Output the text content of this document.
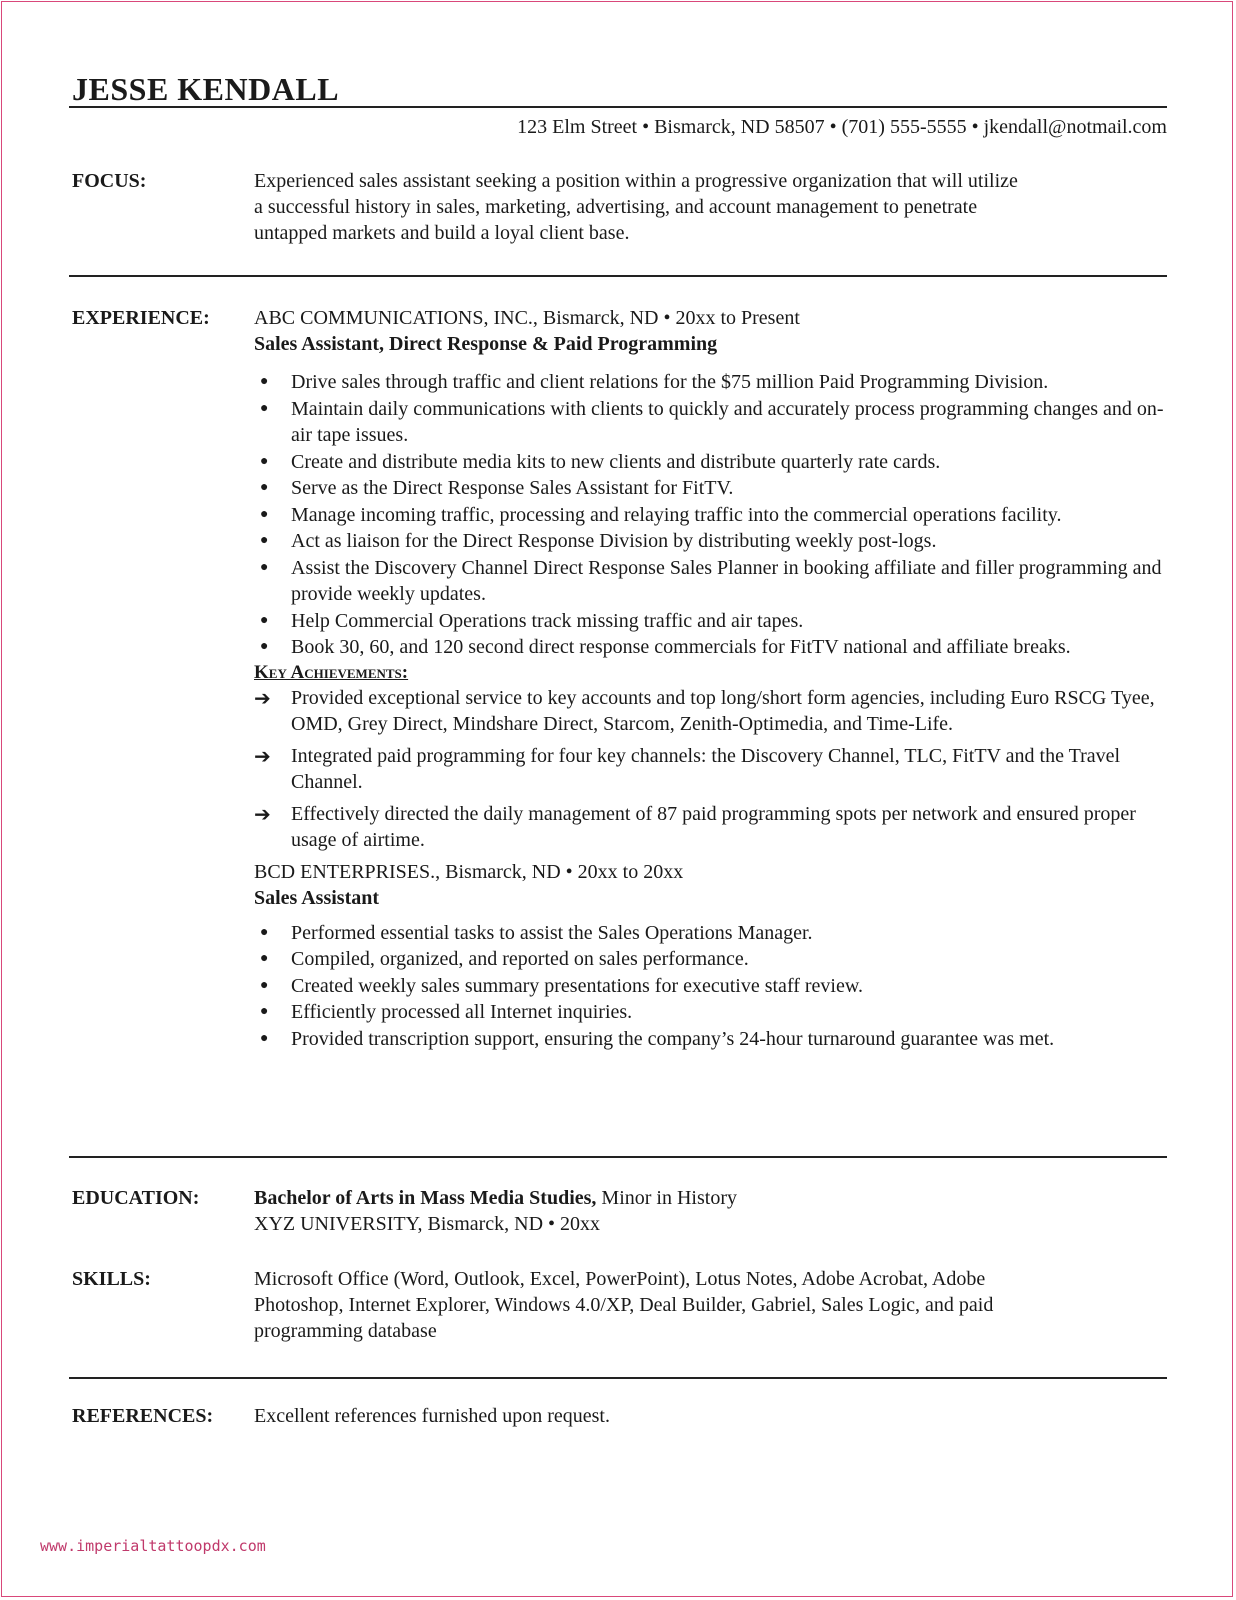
JESSE KENDALL
123 Elm Street • Bismarck, ND 58507 • (701) 555-5555 • jkendall@notmail.com
FOCUS:	Experienced sales assistant seeking a position within a progressive organization that will utilize

a successful history in sales, marketing, advertising, and account management to penetrate

untapped markets and build a loyal client base.

EXPERIENCE: ABC COMMUNICATIONS, INC., Bismarck, ND • 20xx to Present

Sales Assistant, Direct Response & Paid Programming

● Drive sales through traffic and client relations for the $75 million Paid Programming Division.
● Maintain daily communications with clients to quickly and accurately process programming changes and on-air tape issues.
● Create and distribute media kits to new clients and distribute quarterly rate cards.
● Serve as the Direct Response Sales Assistant for FitTV.
● Manage incoming traffic, processing and relaying traffic into the commercial operations facility.
● Act as liaison for the Direct Response Division by distributing weekly post-logs.
● Assist the Discovery Channel Direct Response Sales Planner in booking affiliate and filler programming and provide weekly updates.
● Help Commercial Operations track missing traffic and air tapes.
● Book 30, 60, and 120 second direct response commercials for FitTV national and affiliate breaks.

Key Achievements:

➔ Provided exceptional service to key accounts and top long/short form agencies, including Euro RSCG Tyee, OMD, Grey Direct, Mindshare Direct, Starcom, Zenith-Optimedia, and Time-Life.
➔ Integrated paid programming for four key channels: the Discovery Channel, TLC, FitTV and the Travel Channel.
➔ Effectively directed the daily management of 87 paid programming spots per network and ensured proper usage of airtime.

BCD ENTERPRISES., Bismarck, ND • 20xx to 20xx

Sales Assistant

● Performed essential tasks to assist the Sales Operations Manager.
● Compiled, organized, and reported on sales performance.
● Created weekly sales summary presentations for executive staff review.
● Efficiently processed all Internet inquiries.
● Provided transcription support, ensuring the company’s 24-hour turnaround guarantee was met.
EDUCATION:	Bachelor of Arts in Mass Media Studies, Minor in History

XYZ UNIVERSITY, Bismarck, ND • 20xx

SKILLS:	Microsoft Office (Word, Outlook, Excel, PowerPoint), Lotus Notes, Adobe Acrobat, Adobe

Photoshop, Internet Explorer, Windows 4.0/XP, Deal Builder, Gabriel, Sales Logic, and paid

programming database

REFERENCES: Excellent references furnished upon request.
www.imperialtattoopdx.com
